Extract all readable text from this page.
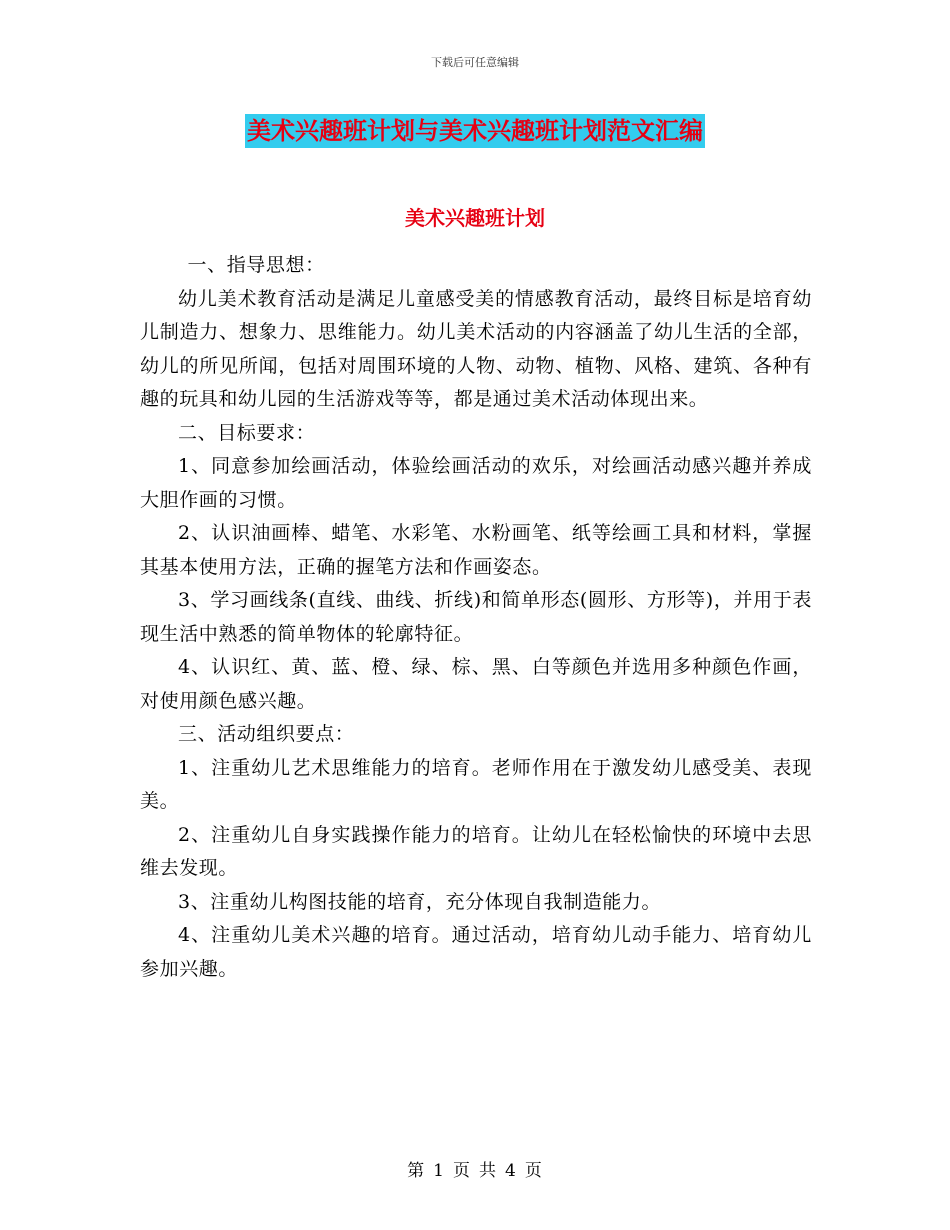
下载后可任意编辑
美术兴趣班计划与美术兴趣班计划范文汇编
美术兴趣班计划

一、指导思想：

幼儿美术教育活动是满足儿童感受美的情感教育活动，最终目标是培育幼儿制造力、想象力、思维能力。幼儿美术活动的内容涵盖了幼儿生活的全部，幼儿的所见所闻，包括对周围环境的人物、动物、植物、风格、建筑、各种有趣的玩具和幼儿园的生活游戏等等，都是通过美术活动体现出来。

二、目标要求：

1、同意参加绘画活动，体验绘画活动的欢乐，对绘画活动感兴趣并养成大胆作画的习惯。

2、认识油画棒、蜡笔、水彩笔、水粉画笔、纸等绘画工具和材料，掌握其基本使用方法，正确的握笔方法和作画姿态。

3、学习画线条(直线、曲线、折线)和简单形态(圆形、方形等)，并用于表现生活中熟悉的简单物体的轮廓特征。

4、认识红、黄、蓝、橙、绿、棕、黑、白等颜色并选用多种颜色作画，对使用颜色感兴趣。

三、活动组织要点：

1、注重幼儿艺术思维能力的培育。老师作用在于激发幼儿感受美、表现美。

2、注重幼儿自身实践操作能力的培育。让幼儿在轻松愉快的环境中去思维去发现。

3、注重幼儿构图技能的培育，充分体现自我制造能力。

4、注重幼儿美术兴趣的培育。通过活动，培育幼儿动手能力、培育幼儿参加兴趣。

第 1 页 共 4 页
